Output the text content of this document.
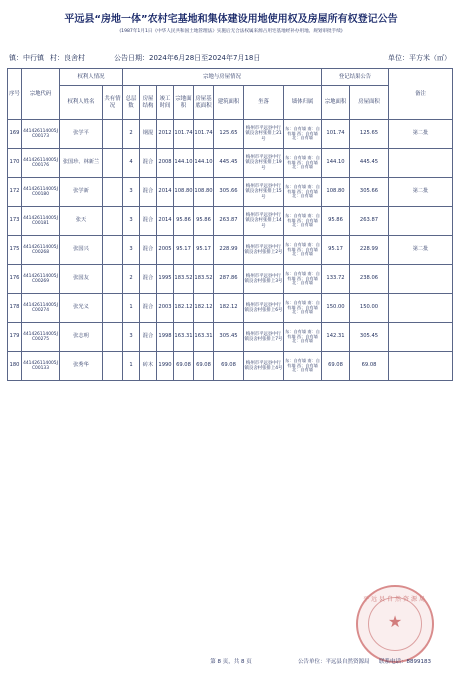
平远县“房地一体”农村宅基地和集体建设用地使用权及房屋所有权登记公告
(1987年1月1日《中华人民共和国土地管理法》实施后无合法权属来源占用宅基地经补办用地、规划审批手续)
镇：中行镇 村：良舍村	公告日期：2024年6月28日至2024年7月18日	单位：平方米（㎡）
序号	宗地代码	权利人情况		宗地与房屋情况								登记结果公告		备注
		权利人姓名	共有情况	总层数	房屋结构	竣工时间	宗地面积	房屋基底面积	建筑面积	坐落	墙体归属	宗地面积	房屋面积	
169	441426114005JC00173	张学平		2	钢混	2012	101.74	101.74	125.65	梅州市平远县中行镇良舍村张排上21号	东：自有墙 南：自有墙 西：自有墙 北：自有墙	101.74	125.65	第二批
170	441426114005JC00176	张国珍、林新兰		4	混合	2008	144.10	144.10	445.45	梅州市平远县中行镇良舍村张排上19号	东：自有墙 南：自有墙 西：自有墙 北：自有墙	144.10	445.45	
172	441426114005JC00180	张学新		3	混合	2014	108.80	108.80	305.66	梅州市平远县中行镇良舍村张排上15号	东：自有墙 南：自有墙 西：自有墙 北：自有墙	108.80	305.66	第二批
173	441426114005JC00181	张天		3	混合	2014	95.86	95.86	263.87	梅州市平远县中行镇良舍村张排上14号	东：自有墙 南：自有墙 西：自有墙 北：自有墙	95.86	263.87	
175	441426114005JC00268	张国兴		3	混合	2005	95.17	95.17	228.99	梅州市平远县中行镇良舍村张排上2号	东：自有墙 南：自有墙 西：自有墙 北：自有墙	95.17	228.99	第二批
176	441426114005JC00269	张国友		2	混合	1995	183.52	183.52	287.86	梅州市平远县中行镇良舍村张排上3号	东：自有墙 南：自有墙 西：自有墙 北：自有墙	133.72	238.06	
178	441426114005JC00274	张光义		1	混合	2003	182.12	182.12	182.12	梅州市平远县中行镇良舍村张排上6号	东：自有墙 南：自有墙 西：自有墙 北：自有墙	150.00	150.00	
179	441426114005JC00275	张志明		3	混合	1998	163.31	163.31	305.45	梅州市平远县中行镇良舍村张排上7号	东：自有墙 南：自有墙 西：自有墙 北：自有墙	142.31	305.45	
180	441426114005JC00133	张秀华		1	砖木	1990	69.08	69.08	69.08	梅州市平远县中行镇良舍村张排上4号	东：自有墙 南：自有墙 西：自有墙 北：自有墙	69.08	69.08	
平远县自然资源局
★
第 8 页，共 8 页	公告单位：平远县自然资源局 联系电话：8899183
